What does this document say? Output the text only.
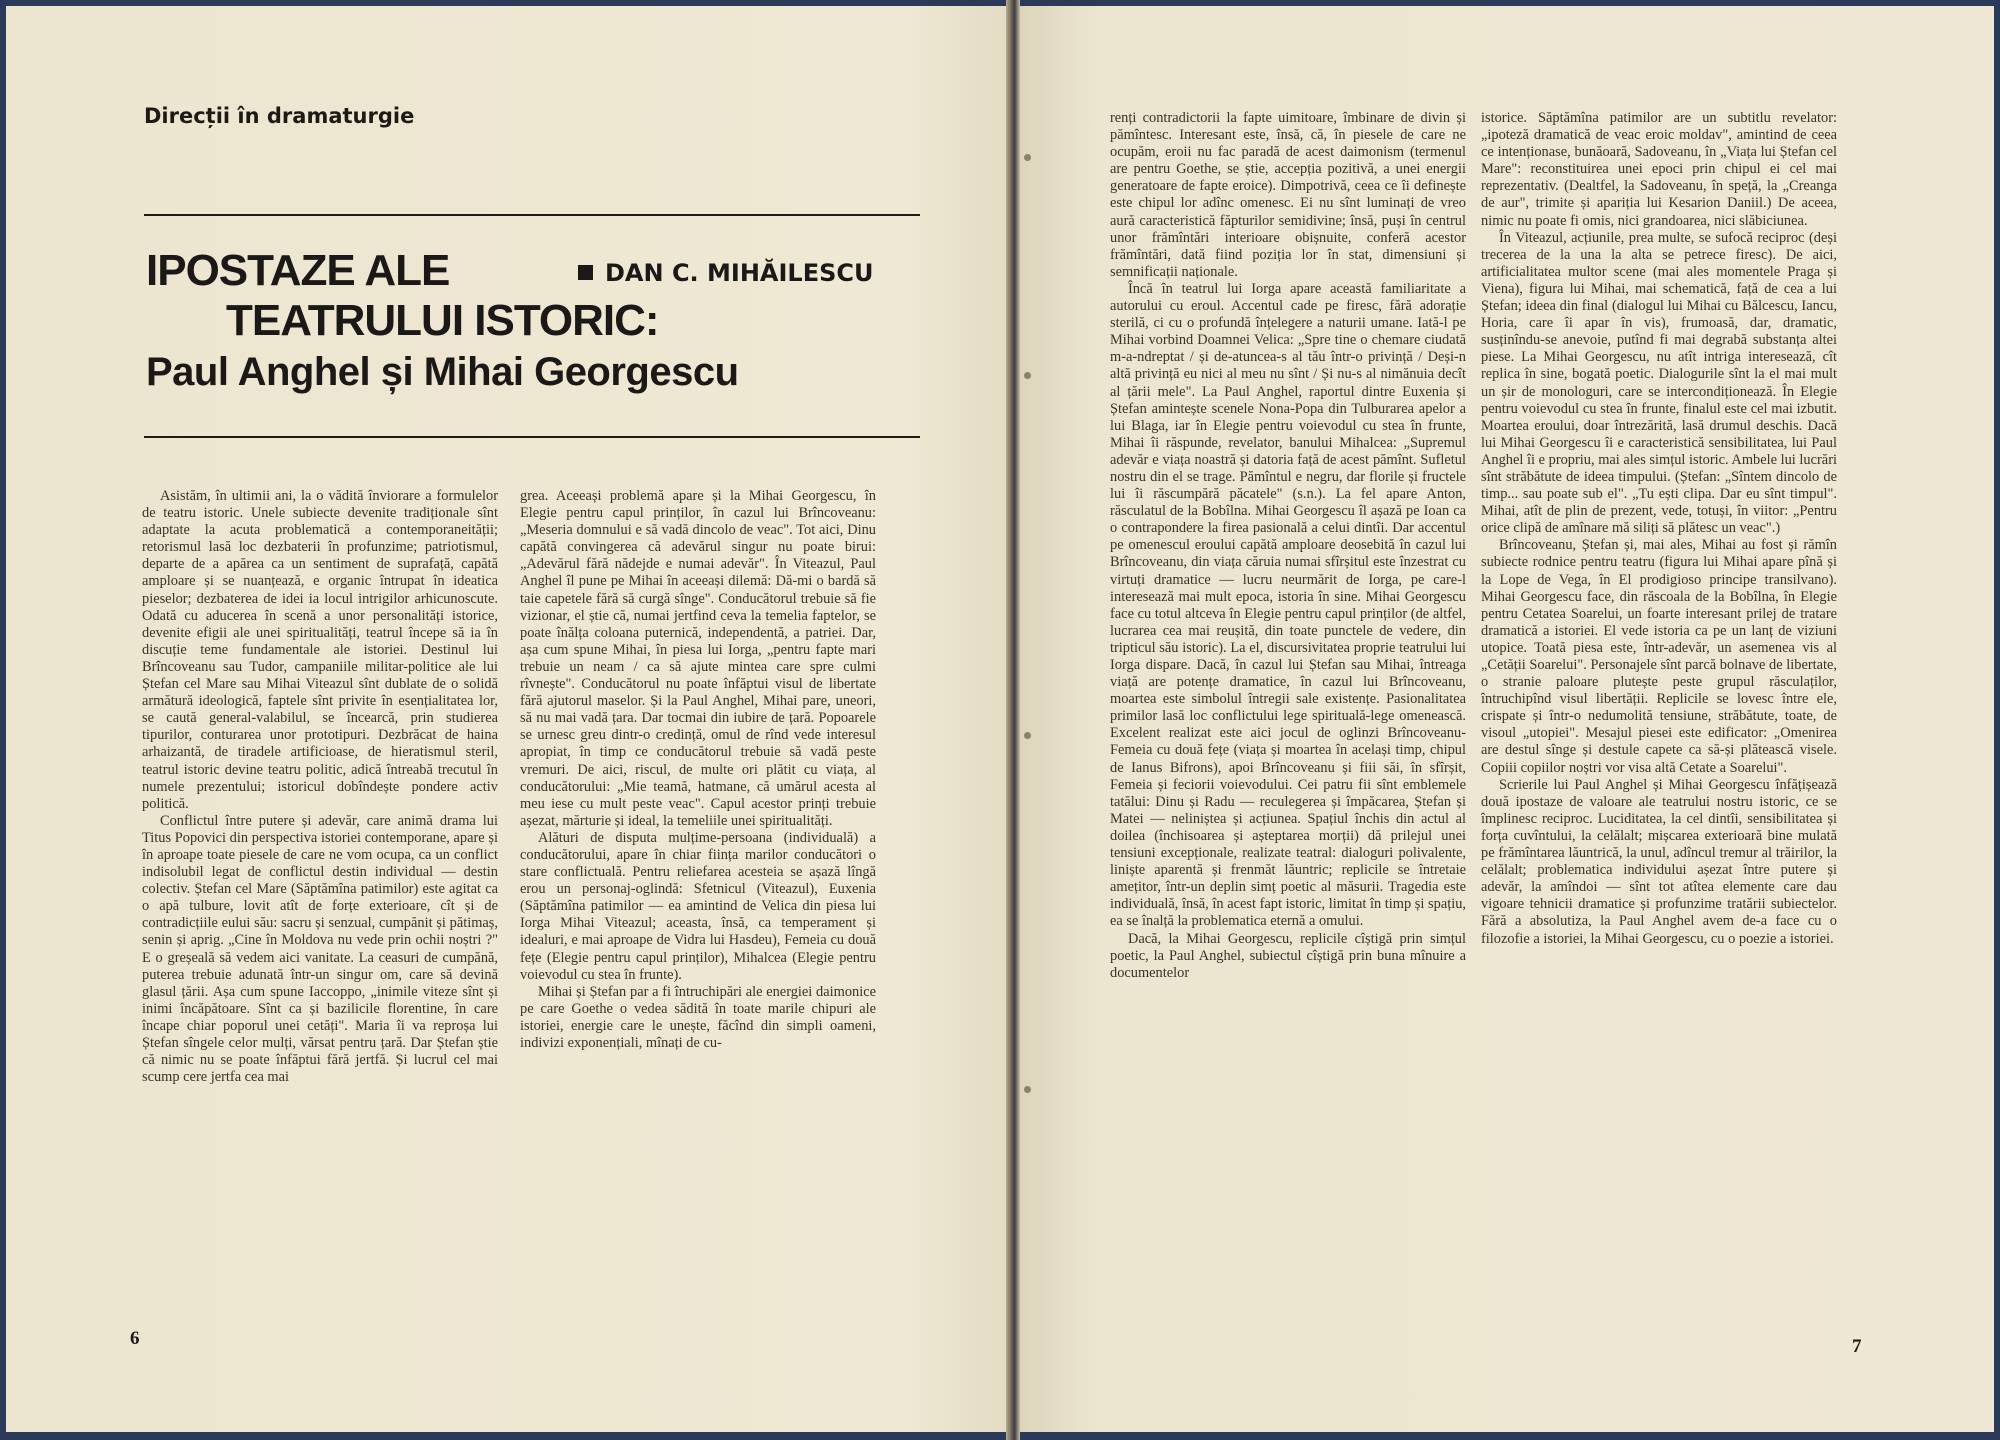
Direcții în dramaturgie
IPOSTAZE ALE
TEATRULUI ISTORIC:
Paul Anghel și Mihai Georgescu
DAN C. MIHĂILESCU

Asistăm, în ultimii ani, la o vădită înviorare a formulelor de teatru istoric. Unele subiecte devenite tradiționale sînt adaptate la acuta problematică a contemporaneității; retorismul lasă loc dezbaterii în profunzime; patriotismul, departe de a apărea ca un sentiment de suprafață, capătă amploare și se nuanțează, e organic întrupat în ideatica pieselor; dezbaterea de idei ia locul intrigilor arhicunoscute. Odată cu aducerea în scenă a unor personalități istorice, devenite efigii ale unei spiritualități, teatrul începe să ia în discuție teme fundamentale ale istoriei. Destinul lui Brîncoveanu sau Tudor, campaniile militar-politice ale lui Ștefan cel Mare sau Mihai Viteazul sînt dublate de o solidă armătură ideologică, faptele sînt privite în esențialitatea lor, se caută general-valabilul, se încearcă, prin studierea tipurilor, conturarea unor prototipuri. Dezbrăcat de haina arhaizantă, de tiradele artificioase, de hieratismul steril, teatrul istoric devine teatru politic, adică întreabă trecutul în numele prezentului; istoricul dobîndește pondere activ politică.

Conflictul între putere și adevăr, care animă drama lui Titus Popovici din perspectiva istoriei contemporane, apare și în aproape toate piesele de care ne vom ocupa, ca un conflict indisolubil legat de conflictul destin individual — destin colectiv. Ștefan cel Mare (Săptămîna patimilor) este agitat ca o apă tulbure, lovit atît de forțe exterioare, cît și de contradicțiile eului său: sacru și senzual, cumpănit și pătimaș, senin și aprig. „Cine în Moldova nu vede prin ochii noștri ?" E o greșeală să vedem aici vanitate. La ceasuri de cumpănă, puterea trebuie adunată într-un singur om, care să devină glasul țării. Așa cum spune Iaccoppo, „inimile viteze sînt și inimi încăpătoare. Sînt ca și bazilicile florentine, în care încape chiar poporul unei cetăți". Maria îi va reproșa lui Ștefan sîngele celor mulți, vărsat pentru țară. Dar Ștefan știe că nimic nu se poate înfăptui fără jertfă. Și lucrul cel mai scump cere jertfa cea mai

grea. Aceeași problemă apare și la Mihai Georgescu, în Elegie pentru capul prinților, în cazul lui Brîncoveanu: „Meseria domnului e să vadă dincolo de veac". Tot aici, Dinu capătă convingerea că adevărul singur nu poate birui: „Adevărul fără nădejde e numai adevăr". În Viteazul, Paul Anghel îl pune pe Mihai în aceeași dilemă: Dă-mi o bardă să taie capetele fără să curgă sînge". Conducătorul trebuie să fie vizionar, el știe că, numai jertfind ceva la temelia faptelor, se poate înălța coloana puternică, independentă, a patriei. Dar, așa cum spune Mihai, în piesa lui Iorga, „pentru fapte mari trebuie un neam / ca să ajute mintea care spre culmi rîvnește". Conducătorul nu poate înfăptui visul de libertate fără ajutorul maselor. Și la Paul Anghel, Mihai pare, uneori, să nu mai vadă țara. Dar tocmai din iubire de țară. Popoarele se urnesc greu dintr-o credință, omul de rînd vede interesul apropiat, în timp ce conducătorul trebuie să vadă peste vremuri. De aici, riscul, de multe ori plătit cu viața, al conducătorului: „Mie teamă, hatmane, că umărul acesta al meu iese cu mult peste veac". Capul acestor prinți trebuie așezat, mărturie și ideal, la temeliile unei spiritualități.

Alături de disputa mulțime-persoana (individuală) a conducătorului, apare în chiar ființa marilor conducători o stare conflictuală. Pentru reliefarea acesteia se așază lîngă erou un personaj-oglindă: Sfetnicul (Viteazul), Euxenia (Săptămîna patimilor — ea amintind de Velica din piesa lui Iorga Mihai Viteazul; aceasta, însă, ca temperament și idealuri, e mai aproape de Vidra lui Hasdeu), Femeia cu două fețe (Elegie pentru capul prinților), Mihalcea (Elegie pentru voievodul cu stea în frunte).

Mihai și Ștefan par a fi întruchipări ale energiei daimonice pe care Goethe o vedea sădită în toate marile chipuri ale istoriei, energie care le unește, făcînd din simpli oameni, indivizi exponențiali, mînați de cu-

6

renți contradictorii la fapte uimitoare, îmbinare de divin și pămîntesc. Interesant este, însă, că, în piesele de care ne ocupăm, eroii nu fac paradă de acest daimonism (termenul are pentru Goethe, se știe, accepția pozitivă, a unei energii generatoare de fapte eroice). Dimpotrivă, ceea ce îi definește este chipul lor adînc omenesc. Ei nu sînt luminați de vreo aură caracteristică făpturilor semidivine; însă, puși în centrul unor frămîntări interioare obișnuite, conferă acestor frămîntări, dată fiind poziția lor în stat, dimensiuni și semnificații naționale.

Încă în teatrul lui Iorga apare această familiaritate a autorului cu eroul. Accentul cade pe firesc, fără adorație sterilă, ci cu o profundă înțelegere a naturii umane. Iată-l pe Mihai vorbind Doamnei Velica: „Spre tine o chemare ciudată m-a-ndreptat / și de-atuncea-s al tău într-o privință / Deși-n altă privință eu nici al meu nu sînt / Și nu-s al nimănuia decît al țării mele". La Paul Anghel, raportul dintre Euxenia și Ștefan amintește scenele Nona-Popa din Tulburarea apelor a lui Blaga, iar în Elegie pentru voievodul cu stea în frunte, Mihai îi răspunde, revelator, banului Mihalcea: „Supremul adevăr e viața noastră și datoria față de acest pămînt. Sufletul nostru din el se trage. Pămîntul e negru, dar florile și fructele lui îi răscumpără păcatele" (s.n.). La fel apare Anton, răsculatul de la Bobîlna. Mihai Georgescu îl așază pe Ioan ca o contrapondere la firea pasională a celui dintîi. Dar accentul pe omenescul eroului capătă amploare deosebită în cazul lui Brîncoveanu, din viața căruia numai sfîrșitul este înzestrat cu virtuți dramatice — lucru neurmărit de Iorga, pe care-l interesează mai mult epoca, istoria în sine. Mihai Georgescu face cu totul altceva în Elegie pentru capul prinților (de altfel, lucrarea cea mai reușită, din toate punctele de vedere, din tripticul său istoric). La el, discursivitatea proprie teatrului lui Iorga dispare. Dacă, în cazul lui Ștefan sau Mihai, întreaga viață are potențe dramatice, în cazul lui Brîncoveanu, moartea este simbolul întregii sale existențe. Pasionalitatea primilor lasă loc conflictului lege spirituală-lege omenească. Excelent realizat este aici jocul de oglinzi Brîncoveanu-Femeia cu două fețe (viața și moartea în același timp, chipul de Ianus Bifrons), apoi Brîncoveanu și fiii săi, în sfîrșit, Femeia și feciorii voievodului. Cei patru fii sînt emblemele tatălui: Dinu și Radu — reculegerea și împăcarea, Ștefan și Matei — neliniștea și acțiunea. Spațiul închis din actul al doilea (închisoarea și așteptarea morții) dă prilejul unei tensiuni excepționale, realizate teatral: dialoguri polivalente, liniște aparentă și frenmăt lăuntric; replicile se întretaie amețitor, într-un deplin simț poetic al măsurii. Tragedia este individuală, însă, în acest fapt istoric, limitat în timp și spațiu, ea se înalță la problematica eternă a omului.

Dacă, la Mihai Georgescu, replicile cîștigă prin simțul poetic, la Paul Anghel, subiectul cîștigă prin buna mînuire a documentelor

istorice. Săptămîna patimilor are un subtitlu revelator: „ipoteză dramatică de veac eroic moldav", amintind de ceea ce intenționase, bunăoară, Sadoveanu, în „Viața lui Ștefan cel Mare": reconstituirea unei epoci prin chipul ei cel mai reprezentativ. (Dealtfel, la Sadoveanu, în speță, la „Creanga de aur", trimite și apariția lui Kesarion Daniil.) De aceea, nimic nu poate fi omis, nici grandoarea, nici slăbiciunea.

În Viteazul, acțiunile, prea multe, se sufocă reciproc (deși trecerea de la una la alta se petrece firesc). De aici, artificialitatea multor scene (mai ales momentele Praga și Viena), figura lui Mihai, mai schematică, față de cea a lui Ștefan; ideea din final (dialogul lui Mihai cu Bălcescu, Iancu, Horia, care îi apar în vis), frumoasă, dar, dramatic, susținîndu-se anevoie, putînd fi mai degrabă substanța altei piese. La Mihai Georgescu, nu atît intriga interesează, cît replica în sine, bogată poetic. Dialogurile sînt la el mai mult un șir de monologuri, care se intercondiționează. În Elegie pentru voievodul cu stea în frunte, finalul este cel mai izbutit. Moartea eroului, doar întrezărită, lasă drumul deschis. Dacă lui Mihai Georgescu îi e caracteristică sensibilitatea, lui Paul Anghel îi e propriu, mai ales simțul istoric. Ambele lui lucrări sînt străbătute de ideea timpului. (Ștefan: „Sîntem dincolo de timp... sau poate sub el". „Tu ești clipa. Dar eu sînt timpul". Mihai, atît de plin de prezent, vede, totuși, în viitor: „Pentru orice clipă de amînare mă siliți să plătesc un veac".)

Brîncoveanu, Ștefan și, mai ales, Mihai au fost și rămîn subiecte rodnice pentru teatru (figura lui Mihai apare pînă și la Lope de Vega, în El prodigioso principe transilvano). Mihai Georgescu face, din răscoala de la Bobîlna, în Elegie pentru Cetatea Soarelui, un foarte interesant prilej de tratare dramatică a istoriei. El vede istoria ca pe un lanț de viziuni utopice. Toată piesa este, într-adevăr, un asemenea vis al „Cetății Soarelui". Personajele sînt parcă bolnave de libertate, o stranie paloare plutește peste grupul răsculaților, întruchipînd visul libertății. Replicile se lovesc între ele, crispate și într-o nedumolită tensiune, străbătute, toate, de visoul „utopiei". Mesajul piesei este edificator: „Omenirea are destul sînge și destule capete ca să-și plătească visele. Copiii copiilor noștri vor visa altă Cetate a Soarelui".

Scrierile lui Paul Anghel și Mihai Georgescu înfățișează două ipostaze de valoare ale teatrului nostru istoric, ce se împlinesc reciproc. Luciditatea, la cel dintîi, sensibilitatea și forța cuvîntului, la celălalt; mișcarea exterioară bine mulată pe frămîntarea lăuntrică, la unul, adîncul tremur al trăirilor, la celălalt; problematica individului așezat între putere și adevăr, la amîndoi — sînt tot atîtea elemente care dau vigoare tehnicii dramatice și profunzime tratării subiectelor. Fără a absolutiza, la Paul Anghel avem de-a face cu o filozofie a istoriei, la Mihai Georgescu, cu o poezie a istoriei.

7
